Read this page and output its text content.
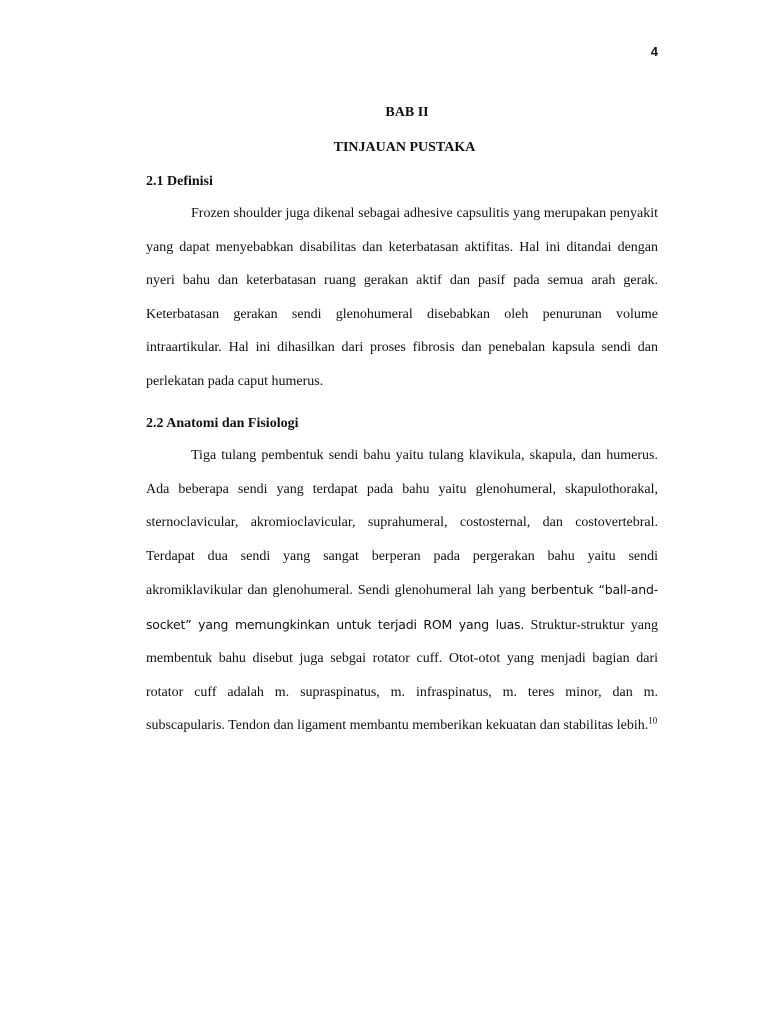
4

BAB II

TINJAUAN PUSTAKA

2.1 Definisi

Frozen shoulder juga dikenal sebagai adhesive capsulitis yang merupakan penyakit yang dapat menyebabkan disabilitas dan keterbatasan aktifitas. Hal ini ditandai dengan nyeri bahu dan keterbatasan ruang gerakan aktif dan pasif pada semua arah gerak. Keterbatasan gerakan sendi glenohumeral disebabkan oleh penurunan volume intraartikular. Hal ini dihasilkan dari proses fibrosis dan penebalan kapsula sendi dan perlekatan pada caput humerus.

2.2 Anatomi dan Fisiologi

Tiga tulang pembentuk sendi bahu yaitu tulang klavikula, skapula, dan humerus. Ada beberapa sendi yang terdapat pada bahu yaitu glenohumeral, skapulothorakal, sternoclavicular, akromioclavicular, suprahumeral, costosternal, dan costovertebral. Terdapat dua sendi yang sangat berperan pada pergerakan bahu yaitu sendi akromiklavikular dan glenohumeral. Sendi glenohumeral lah yang berbentuk “ball-and-socket” yang memungkinkan untuk terjadi ROM yang luas. Struktur-struktur yang membentuk bahu disebut juga sebgai rotator cuff. Otot-otot yang menjadi bagian dari rotator cuff adalah m. supraspinatus, m. infraspinatus, m. teres minor, dan m. subscapularis. Tendon dan ligament membantu memberikan kekuatan dan stabilitas lebih.$^{10}$
